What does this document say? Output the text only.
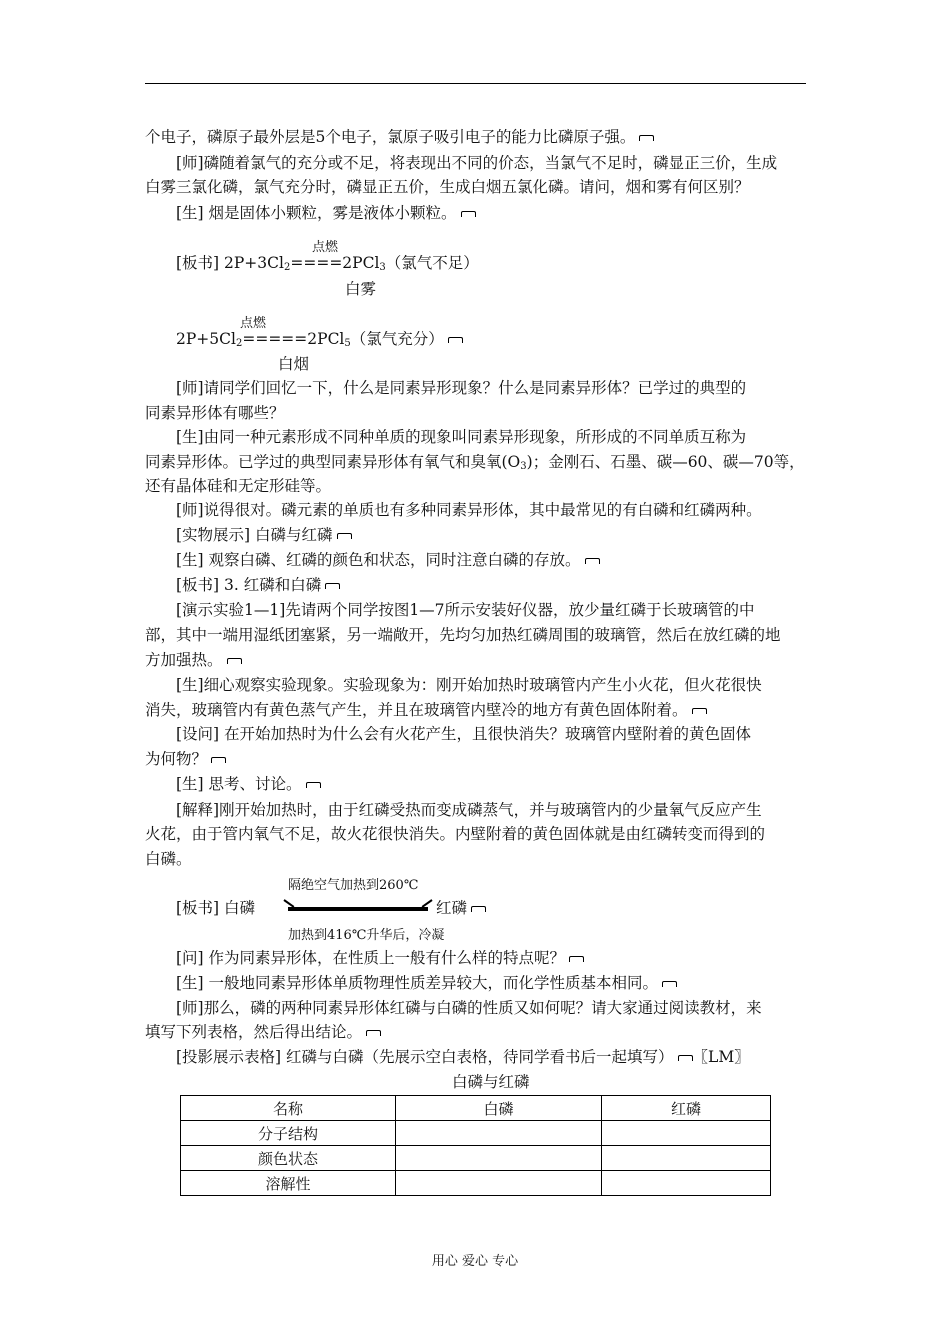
个电子，磷原子最外层是5个电子，氯原子吸引电子的能力比磷原子强。
[师]磷随着氯气的充分或不足，将表现出不同的价态，当氯气不足时，磷显正三价，生成
白雾三氯化磷，氯气充分时，磷显正五价，生成白烟五氯化磷。请问，烟和雾有何区别？
[生] 烟是固体小颗粒，雾是液体小颗粒。
点燃
[板书] $2P+3Cl_2====2PCl_3$（氯气不足）
白雾
点燃
$2P+5Cl_2=====2PCl_5$（氯气充分）
白烟
[师]请同学们回忆一下，什么是同素异形现象？什么是同素异形体？已学过的典型的
同素异形体有哪些？
[生]由同一种元素形成不同种单质的现象叫同素异形现象，所形成的不同单质互称为
同素异形体。已学过的典型同素异形体有氧气和臭氧$(O_3)$；金刚石、石墨、碳—60、碳—70等，
还有晶体硅和无定形硅等。
[师]说得很对。磷元素的单质也有多种同素异形体，其中最常见的有白磷和红磷两种。
[实物展示] 白磷与红磷
[生] 观察白磷、红磷的颜色和状态，同时注意白磷的存放。
[板书] 3. 红磷和白磷
[演示实验1—1]先请两个同学按图1—7所示安装好仪器，放少量红磷于长玻璃管的中
部，其中一端用湿纸团塞紧，另一端敞开，先均匀加热红磷周围的玻璃管，然后在放红磷的地
方加强热。
[生]细心观察实验现象。实验现象为：刚开始加热时玻璃管内产生小火花，但火花很快
消失，玻璃管内有黄色蒸气产生，并且在玻璃管内壁冷的地方有黄色固体附着。
[设问] 在开始加热时为什么会有火花产生，且很快消失？玻璃管内壁附着的黄色固体
为何物？
[生] 思考、讨论。
[解释]刚开始加热时，由于红磷受热而变成磷蒸气，并与玻璃管内的少量氧气反应产生
火花，由于管内氧气不足，故火花很快消失。内壁附着的黄色固体就是由红磷转变而得到的
白磷。
隔绝空气加热到260℃
[板书] 白磷	红磷
加热到416℃升华后，冷凝
[问] 作为同素异形体，在性质上一般有什么样的特点呢？
[生] 一般地同素异形体单质物理性质差异较大，而化学性质基本相同。
[师]那么，磷的两种同素异形体红磷与白磷的性质又如何呢？请大家通过阅读教材，来
填写下列表格，然后得出结论。
[投影展示表格] 红磷与白磷（先展示空白表格，待同学看书后一起填写） 〖LM〗
白磷与红磷
名称	白磷	红磷
分子结构		
颜色状态		
溶解性		
用心 爱心 专心
